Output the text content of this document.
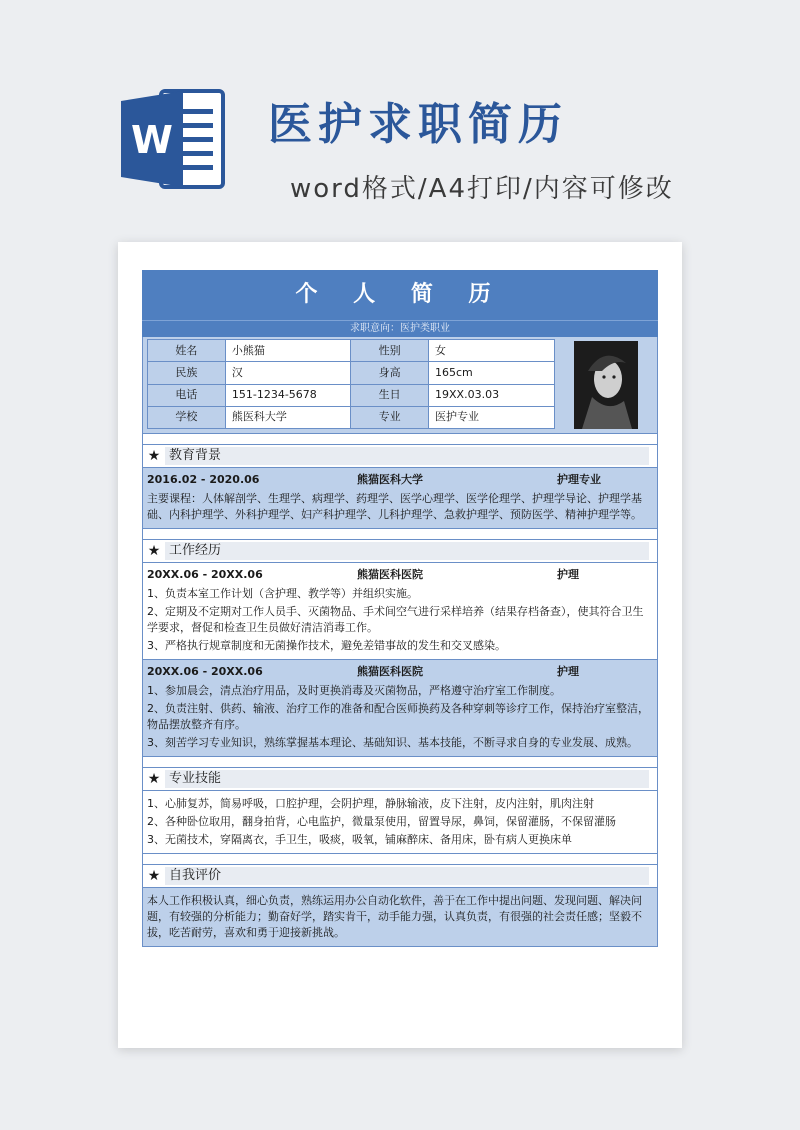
W 医护求职简历
word格式/A4打印/内容可修改
个 人 简 历
求职意向：医护类职业
姓名	小熊猫	性别	女
民族	汉	身高	165cm
电话	151-1234-5678	生日	19XX.03.03
学校	熊医科大学	专业	医护专业
★ 教育背景
2016.02 - 2020.06	熊猫医科大学	护理专业
主要课程：人体解剖学、生理学、病理学、药理学、医学心理学、医学伦理学、护理学导论、护理学基础、内科护理学、外科护理学、妇产科护理学、儿科护理学、急救护理学、预防医学、精神护理学等。
★ 工作经历
20XX.06 - 20XX.06	熊猫医科医院	护理
1、负责本室工作计划（含护理、教学等）并组织实施。
2、定期及不定期对工作人员手、灭菌物品、手术间空气进行采样培养（结果存档备查），使其符合卫生学要求，督促和检查卫生员做好清洁消毒工作。
3、严格执行规章制度和无菌操作技术，避免差错事故的发生和交叉感染。
20XX.06 - 20XX.06	熊猫医科医院	护理
1、参加晨会，清点治疗用品，及时更换消毒及灭菌物品，严格遵守治疗室工作制度。
2、负责注射、供药、输液、治疗工作的准备和配合医师换药及各种穿刺等诊疗工作，保持治疗室整洁，物品摆放整齐有序。
3、刻苦学习专业知识，熟练掌握基本理论、基础知识、基本技能，不断寻求自身的专业发展、成熟。
★ 专业技能
1、心肺复苏，简易呼吸，口腔护理，会阴护理，静脉输液，皮下注射，皮内注射，肌肉注射
2、各种卧位取用，翻身拍背，心电监护，微量泵使用，留置导尿，鼻饲，保留灌肠，不保留灌肠
3、无菌技术，穿隔离衣，手卫生，吸痰，吸氧，铺麻醉床、备用床，卧有病人更换床单
★ 自我评价
本人工作积极认真，细心负责，熟练运用办公自动化软件，善于在工作中提出问题、发现问题、解决问题，有较强的分析能力；勤奋好学，踏实肯干，动手能力强，认真负责，有很强的社会责任感；坚毅不拔，吃苦耐劳，喜欢和勇于迎接新挑战。
